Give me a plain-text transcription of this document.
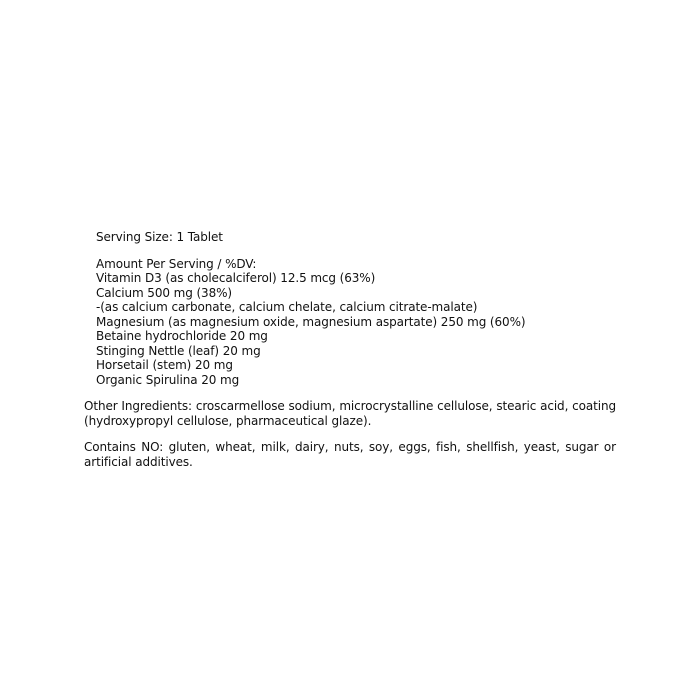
Serving Size: 1 Tablet

Amount Per Serving / %DV:

Vitamin D3 (as cholecalciferol) 12.5 mcg (63%)

Calcium 500 mg (38%)

-(as calcium carbonate, calcium chelate, calcium citrate-malate)

Magnesium (as magnesium oxide, magnesium aspartate) 250 mg (60%)

Betaine hydrochloride 20 mg

Stinging Nettle (leaf) 20 mg

Horsetail (stem) 20 mg

Organic Spirulina 20 mg

Other Ingredients: croscarmellose sodium, microcrystalline cellulose, stearic acid, coating (hydroxypropyl cellulose, pharmaceutical glaze).

Contains NO: gluten, wheat, milk, dairy, nuts, soy, eggs, fish, shellfish, yeast, sugar or artificial additives.
